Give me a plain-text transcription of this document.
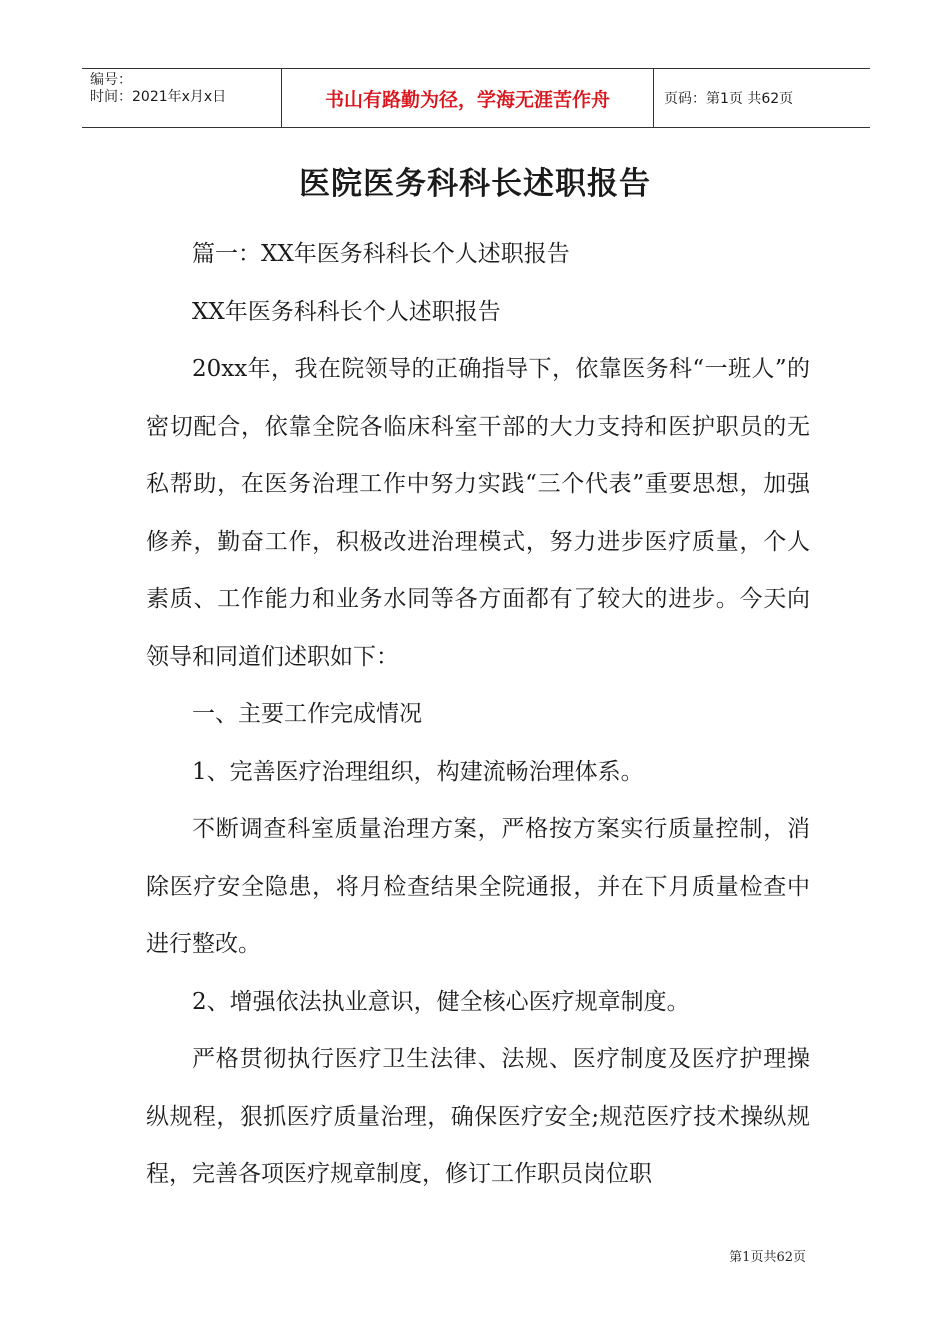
编号：
时间：2021年x月x日	书山有路勤为径，学海无涯苦作舟	页码：第1页 共62页
医院医务科科长述职报告

篇一：XX年医务科科长个人述职报告

XX年医务科科长个人述职报告

20xx年，我在院领导的正确指导下，依靠医务科“一班人”的密切配合，依靠全院各临床科室干部的大力支持和医护职员的无私帮助，在医务治理工作中努力实践“三个代表”重要思想，加强修养，勤奋工作，积极改进治理模式，努力进步医疗质量，个人素质、工作能力和业务水同等各方面都有了较大的进步。今天向领导和同道们述职如下：

一、主要工作完成情况

1、完善医疗治理组织，构建流畅治理体系。

不断调查科室质量治理方案，严格按方案实行质量控制，消除医疗安全隐患，将月检查结果全院通报，并在下月质量检查中进行整改。

2、增强依法执业意识，健全核心医疗规章制度。

严格贯彻执行医疗卫生法律、法规、医疗制度及医疗护理操纵规程，狠抓医疗质量治理，确保医疗安全;规范医疗技术操纵规程，完善各项医疗规章制度，修订工作职员岗位职

第1页共62页
